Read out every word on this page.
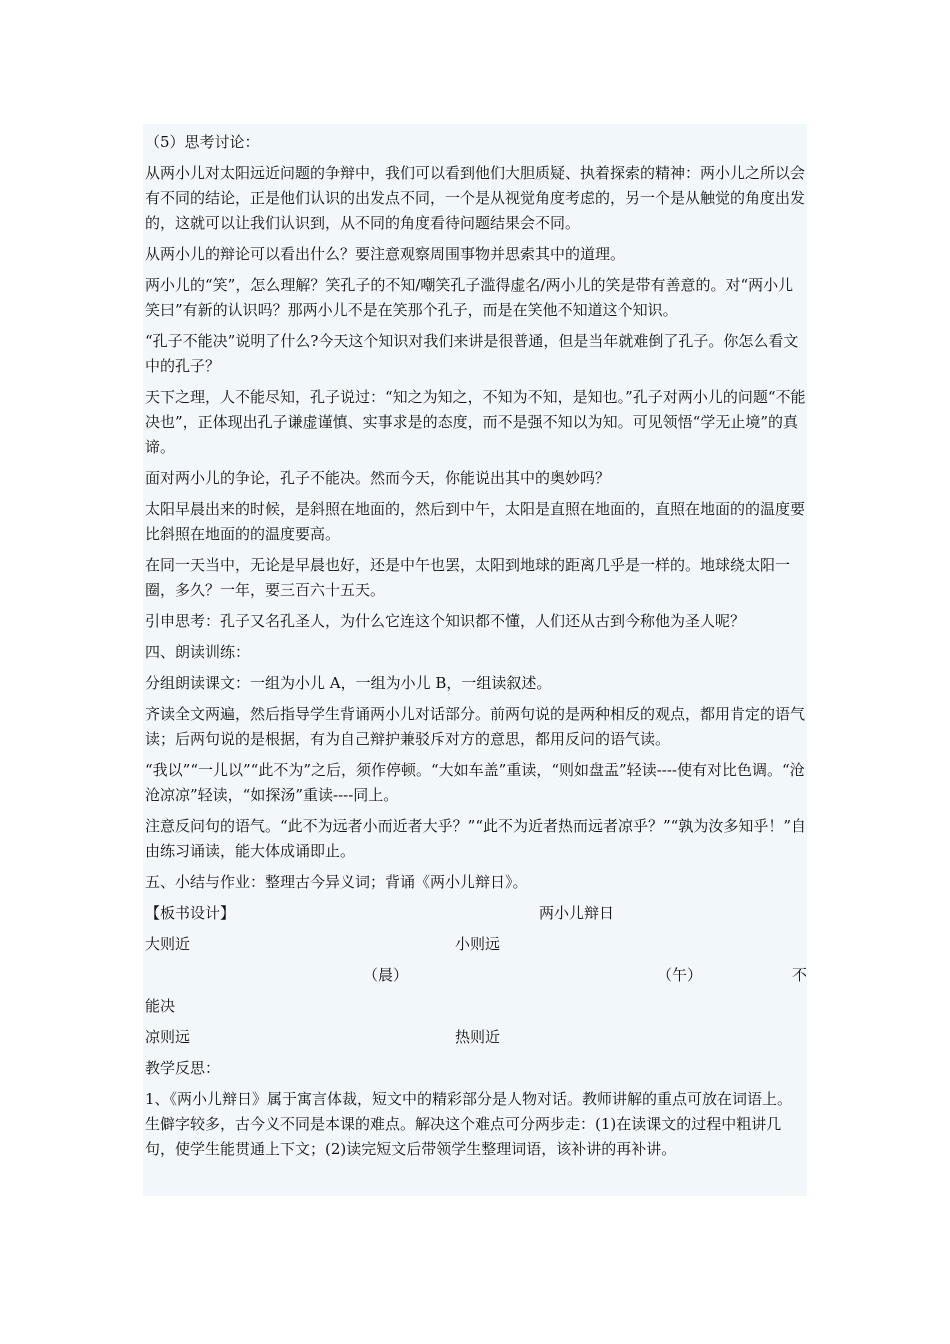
（5）思考讨论：

从两小儿对太阳远近问题的争辩中，我们可以看到他们大胆质疑、执着探索的精神：两小儿之所以会有不同的结论，正是他们认识的出发点不同，一个是从视觉角度考虑的，另一个是从触觉的角度出发的，这就可以让我们认识到，从不同的角度看待问题结果会不同。

从两小儿的辩论可以看出什么？要注意观察周围事物并思索其中的道理。

两小儿的“笑”，怎么理解？笑孔子的不知/嘲笑孔子滥得虚名/两小儿的笑是带有善意的。对“两小儿笑曰”有新的认识吗？那两小儿不是在笑那个孔子，而是在笑他不知道这个知识。

“孔子不能决”说明了什么?今天这个知识对我们来讲是很普通，但是当年就难倒了孔子。你怎么看文中的孔子？

天下之理，人不能尽知，孔子说过：“知之为知之，不知为不知，是知也。”孔子对两小儿的问题“不能决也”，正体现出孔子谦虚谨慎、实事求是的态度，而不是强不知以为知。可见领悟“学无止境”的真谛。

面对两小儿的争论，孔子不能决。然而今天，你能说出其中的奥妙吗？

太阳早晨出来的时候，是斜照在地面的，然后到中午，太阳是直照在地面的，直照在地面的的温度要比斜照在地面的的温度要高。

在同一天当中，无论是早晨也好，还是中午也罢，太阳到地球的距离几乎是一样的。地球绕太阳一圈，多久？一年，要三百六十五天。

引申思考：孔子又名孔圣人，为什么它连这个知识都不懂，人们还从古到今称他为圣人呢？

四、朗读训练：

分组朗读课文：一组为小儿 A，一组为小儿 B，一组读叙述。

齐读全文两遍，然后指导学生背诵两小儿对话部分。前两句说的是两种相反的观点，都用肯定的语气读；后两句说的是根据，有为自己辩护兼驳斥对方的意思，都用反问的语气读。

“我以”“一儿以”“此不为”之后，须作停顿。“大如车盖”重读，“则如盘盂”轻读----使有对比色调。“沧沧凉凉”轻读，“如探汤”重读----同上。

注意反问句的语气。“此不为远者小而近者大乎？”“此不为近者热而远者凉乎？”“孰为汝多知乎！”自由练习诵读，能大体成诵即止。

五、小结与作业：整理古今异义词；背诵《两小儿辩日》。

【板书设计】	两小儿辩日
大则近	小则远
（晨）	（午）	不
能决
凉则远	热则近

教学反思：

1、《两小儿辩日》属于寓言体裁，短文中的精彩部分是人物对话。教师讲解的重点可放在词语上。生僻字较多，古今义不同是本课的难点。解决这个难点可分两步走：(1)在读课文的过程中粗讲几句，使学生能贯通上下文；(2)读完短文后带领学生整理词语，该补讲的再补讲。
